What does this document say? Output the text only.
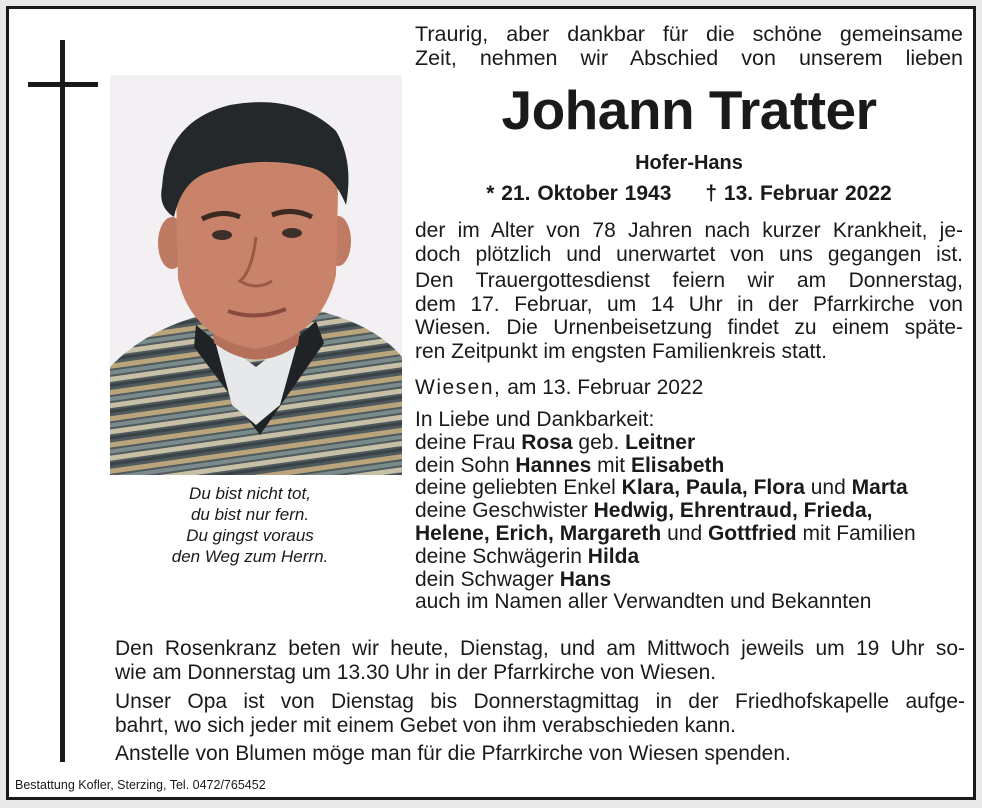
Du bist nicht tot,
du bist nur fern.
Du gingst voraus
den Weg zum Herrn.
Traurig, aber dankbar für die schöne gemeinsame
Zeit, nehmen wir Abschied von unserem lieben
Johann Tratter
Hofer-Hans
* 21. Oktober 1943 † 13. Februar 2022
der im Alter von 78 Jahren nach kurzer Krankheit, je-
doch plötzlich und unerwartet von uns gegangen ist.
Den Trauergottesdienst feiern wir am Donnerstag,
dem 17. Februar, um 14 Uhr in der Pfarrkirche von
Wiesen. Die Urnenbeisetzung findet zu einem späte-
ren Zeitpunkt im engsten Familienkreis statt.
Wiesen, am 13. Februar 2022
In Liebe und Dankbarkeit:
deine Frau Rosa geb. Leitner
dein Sohn Hannes mit Elisabeth
deine geliebten Enkel Klara, Paula, Flora und Marta
deine Geschwister Hedwig, Ehrentraud, Frieda,
Helene, Erich, Margareth und Gottfried mit Familien
deine Schwägerin Hilda
dein Schwager Hans
auch im Namen aller Verwandten und Bekannten
Den Rosenkranz beten wir heute, Dienstag, und am Mittwoch jeweils um 19 Uhr so-
wie am Donnerstag um 13.30 Uhr in der Pfarrkirche von Wiesen.
Unser Opa ist von Dienstag bis Donnerstagmittag in der Friedhofskapelle aufge-
bahrt, wo sich jeder mit einem Gebet von ihm verabschieden kann.
Anstelle von Blumen möge man für die Pfarrkirche von Wiesen spenden.
Bestattung Kofler, Sterzing, Tel. 0472/765452
